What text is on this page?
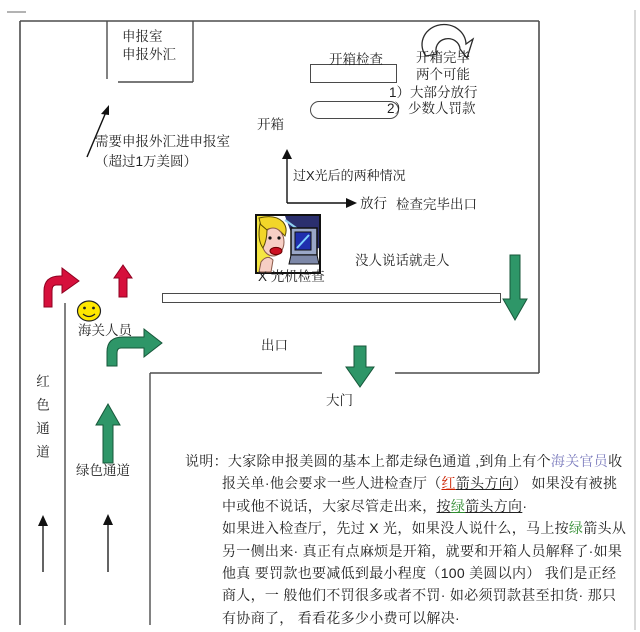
申报室
申报外汇
需要申报外汇进申报室
（超过1万美圆）
开箱检查 开箱完毕
两个可能
1）大部分放行
2）少数人罚款
开箱
过X光后的两种情况
放行 检查完毕出口
没人说话就走人
X 光机检查
海关人员
出口
大门
红色通道
绿色通道

说明：大家除申报美圆的基本上都走绿色通道 ,到角上有个海关官员收报关单·他会要求一些人进检查厅（红箭头方向） 如果没有被挑中或他不说话，大家尽管走出来，按绿箭头方向·

如果进入检查厅，先过 X 光，如果没人说什么，马上按绿箭头从另一侧出来· 真正有点麻烦是开箱，就要和开箱人员解释了·如果他真 要罚款也要减低到最小程度（100 美圆以内） 我们是正经商人，一 般他们不罚很多或者不罚· 如必须罚款甚至扣货· 那只有协商了， 看看花多少小费可以解决·
